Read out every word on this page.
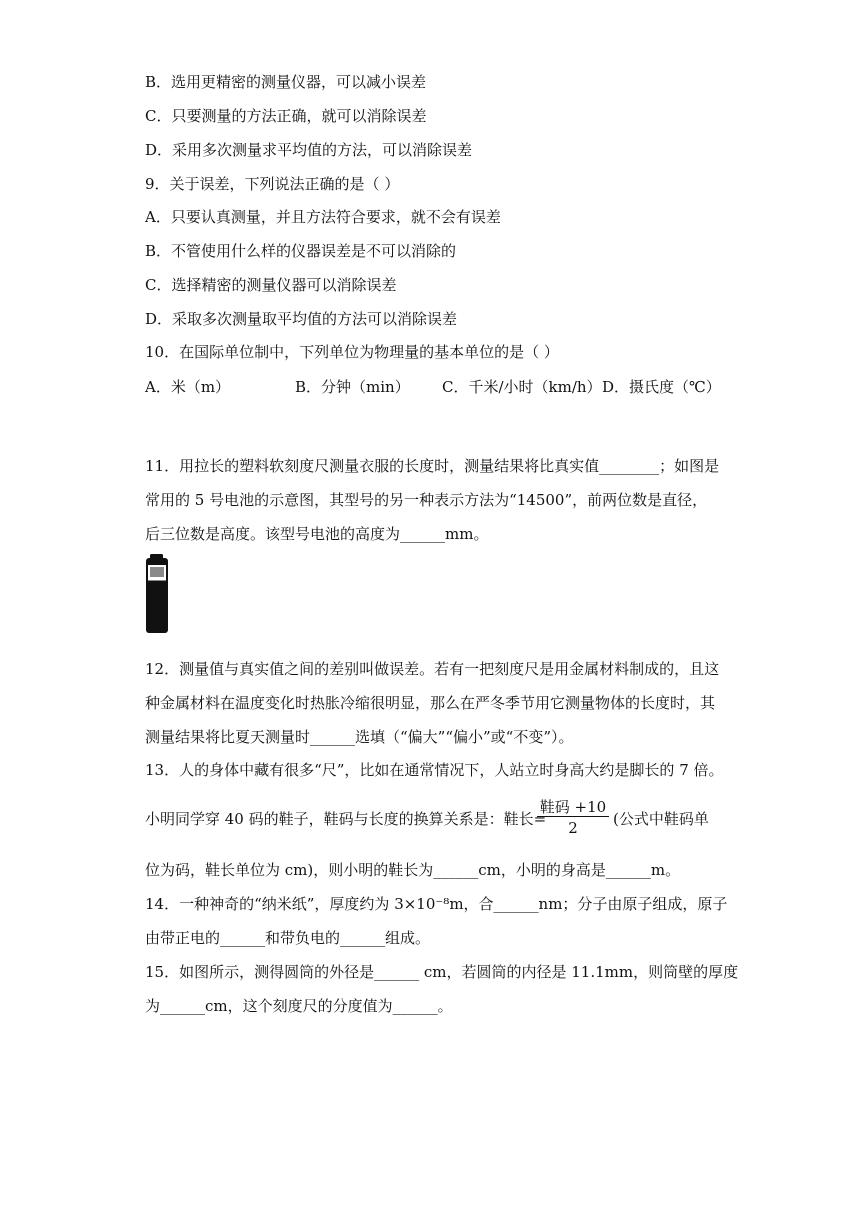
B．选用更精密的测量仪器，可以减小误差
C．只要测量的方法正确，就可以消除误差
D．采用多次测量求平均值的方法，可以消除误差
9．关于误差，下列说法正确的是（ ）
A．只要认真测量，并且方法符合要求，就不会有误差
B．不管使用什么样的仪器误差是不可以消除的
C．选择精密的测量仪器可以消除误差
D．采取多次测量取平均值的方法可以消除误差
10．在国际单位制中，下列单位为物理量的基本单位的是（ ）
A．米（m）	B．分钟（min） C．千米/小时（km/h） D．摄氏度（℃）
11．用拉长的塑料软刻度尺测量衣服的长度时，测量结果将比真实值________；如图是
常用的 5 号电池的示意图，其型号的另一种表示方法为“14500”，前两位数是直径，
后三位数是高度。该型号电池的高度为______mm。
12．测量值与真实值之间的差别叫做误差。若有一把刻度尺是用金属材料制成的，且这
种金属材料在温度变化时热胀冷缩很明显，那么在严冬季节用它测量物体的长度时，其
测量结果将比夏天测量时______选填（“偏大”“偏小”或“不变”）。
13．人的身体中藏有很多“尺”，比如在通常情况下，人站立时身高大约是脚长的 7 倍。
小明同学穿 40 码的鞋子，鞋码与长度的换算关系是：鞋长=
鞋码 +10
2	(公式中鞋码单
位为码，鞋长单位为 cm)，则小明的鞋长为______cm，小明的身高是______m。
14．一种神奇的“纳米纸”，厚度约为 3×10⁻⁸m，合______nm；分子由原子组成，原子
由带正电的______和带负电的______组成。
15．如图所示，测得圆筒的外径是______ cm，若圆筒的内径是 11.1mm，则筒壁的厚度
为______cm，这个刻度尺的分度值为______。
